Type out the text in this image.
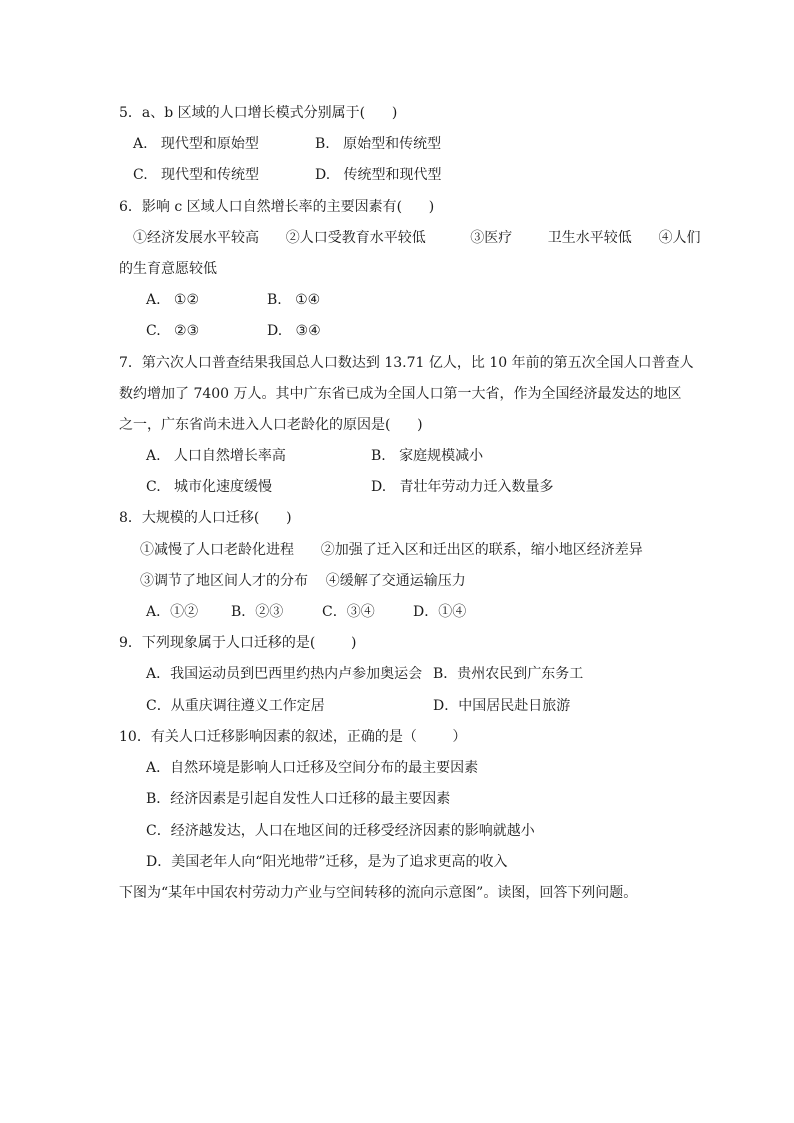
5．a、b 区域的人口增长模式分别属于(      )
A.   现代型和原始型	B.   原始型和传统型
C.   现代型和传统型	D.   传统型和现代型
6．影响 c 区域人口自然增长率的主要因素有(      )
①经济发展水平较高      ②人口受教育水平较低          ③医疗        卫生水平较低      ④人们
的生育意愿较低
A.   ①②	B.   ①④
C.   ②③	D.   ③④
7．第六次人口普查结果我国总人口数达到 13.71 亿人，比 10 年前的第五次全国人口普查人
数约增加了 7400 万人。其中广东省已成为全国人口第一大省，作为全国经济最发达的地区
之一，广东省尚未进入人口老龄化的原因是(      )
A.   人口自然增长率高	B.   家庭规模减小
C.   城市化速度缓慢	D.   青壮年劳动力迁入数量多
8．大规模的人口迁移(      )
①减慢了人口老龄化进程      ②加强了迁入区和迁出区的联系，缩小地区经济差异
③调节了地区间人才的分布    ④缓解了交通运输压力
A．①② B．②③	C．③④	D．①④
9．下列现象属于人口迁移的是(        )
A．我国运动员到巴西里约热内卢参加奥运会 B．贵州农民到广东务工
C．从重庆调往遵义工作定居	D．中国居民赴日旅游
10．有关人口迁移影响因素的叙述，正确的是（        ）
A．自然环境是影响人口迁移及空间分布的最主要因素
B．经济因素是引起自发性人口迁移的最主要因素
C．经济越发达，人口在地区间的迁移受经济因素的影响就越小
D．美国老年人向“阳光地带”迁移，是为了追求更高的收入
下图为“某年中国农村劳动力产业与空间转移的流向示意图”。读图，回答下列问题。
